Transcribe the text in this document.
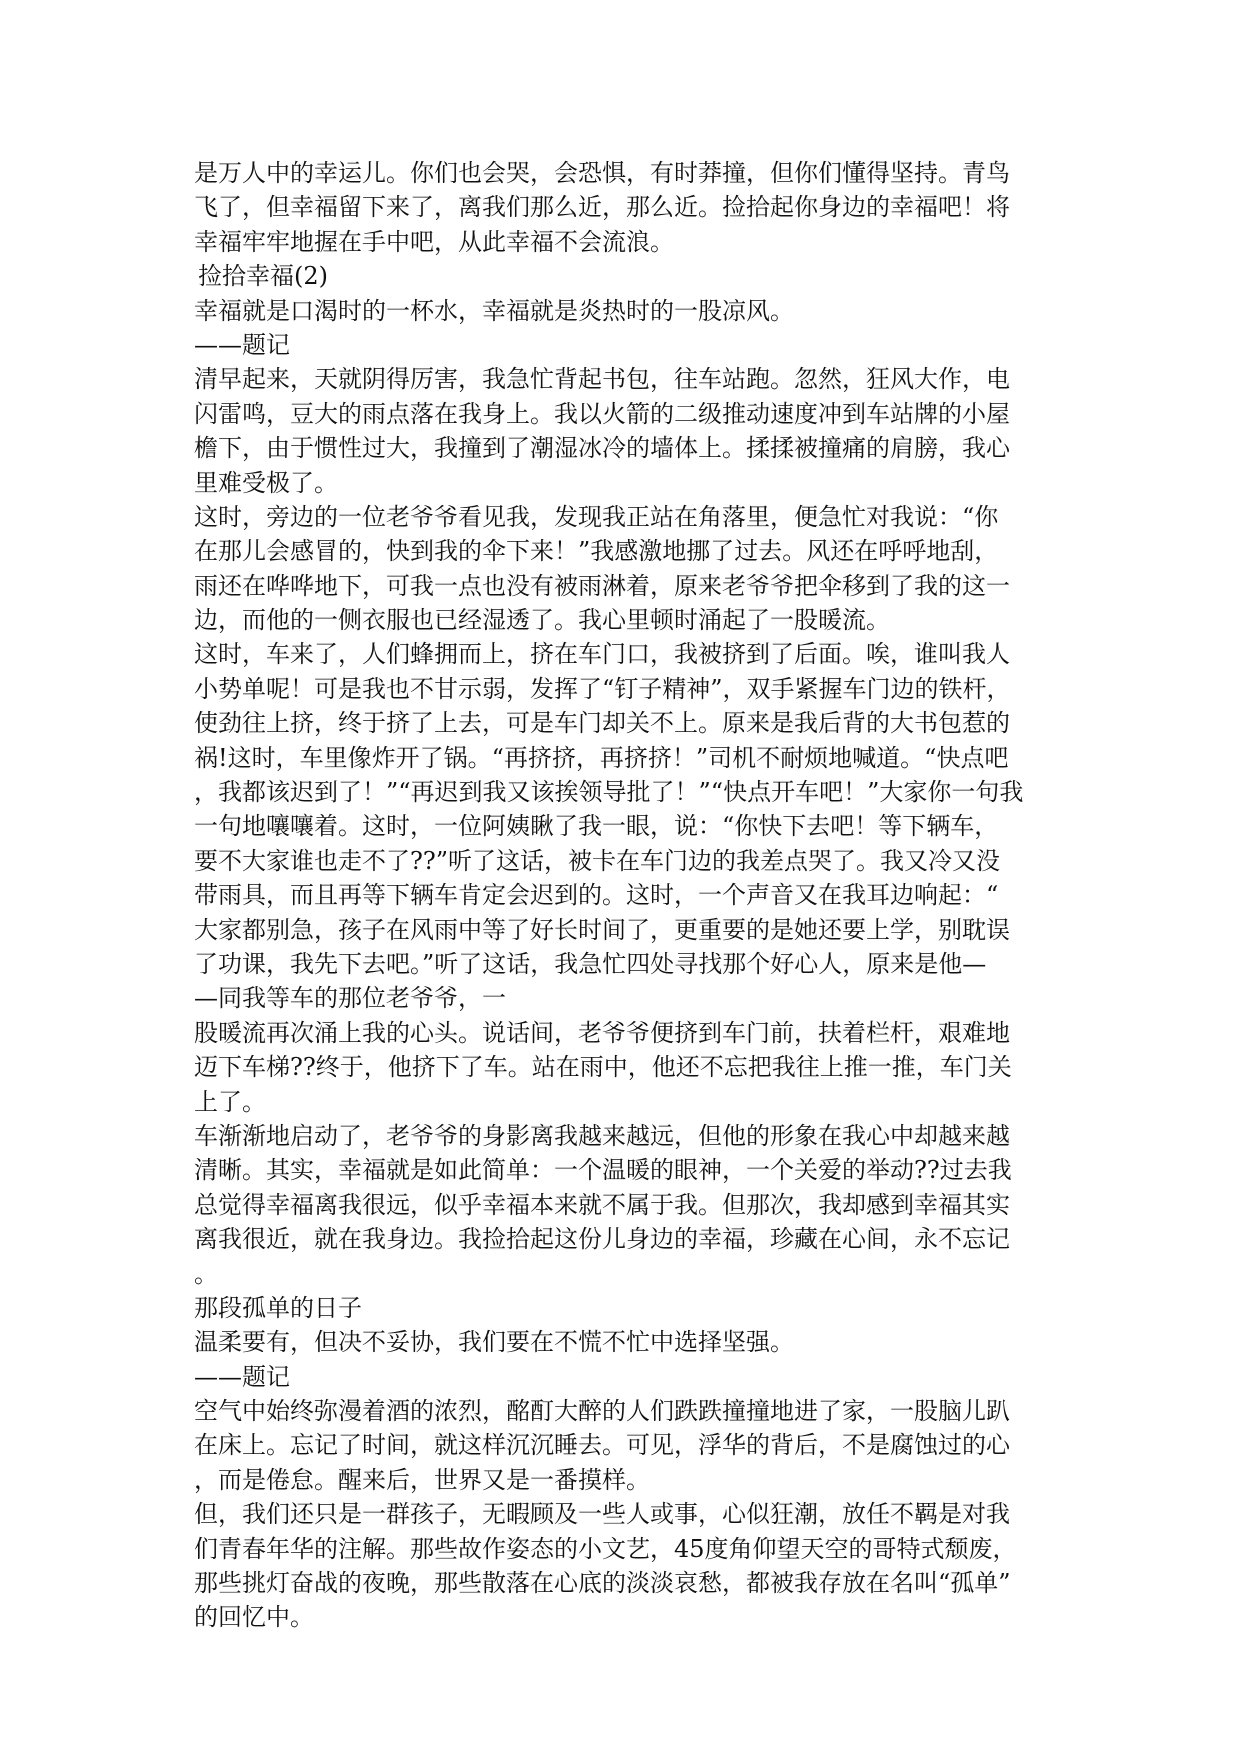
是万人中的幸运儿。你们也会哭，会恐惧，有时莽撞，但你们懂得坚持。青鸟
飞了，但幸福留下来了，离我们那么近，那么近。捡拾起你身边的幸福吧！将
幸福牢牢地握在手中吧，从此幸福不会流浪。
捡拾幸福(2)
幸福就是口渴时的一杯水，幸福就是炎热时的一股凉风。
——题记
清早起来，天就阴得厉害，我急忙背起书包，往车站跑。忽然，狂风大作，电
闪雷鸣，豆大的雨点落在我身上。我以火箭的二级推动速度冲到车站牌的小屋
檐下，由于惯性过大，我撞到了潮湿冰冷的墙体上。揉揉被撞痛的肩膀，我心
里难受极了。
这时，旁边的一位老爷爷看见我，发现我正站在角落里，便急忙对我说：“你
在那儿会感冒的，快到我的伞下来！”我感激地挪了过去。风还在呼呼地刮，
雨还在哗哗地下，可我一点也没有被雨淋着，原来老爷爷把伞移到了我的这一
边，而他的一侧衣服也已经湿透了。我心里顿时涌起了一股暖流。
这时，车来了，人们蜂拥而上，挤在车门口，我被挤到了后面。唉，谁叫我人
小势单呢！可是我也不甘示弱，发挥了“钉子精神”，双手紧握车门边的铁杆，
使劲往上挤，终于挤了上去，可是车门却关不上。原来是我后背的大书包惹的
祸!这时，车里像炸开了锅。“再挤挤，再挤挤！”司机不耐烦地喊道。“快点吧
，我都该迟到了！”“再迟到我又该挨领导批了！”“快点开车吧！”大家你一句我
一句地嚷嚷着。这时，一位阿姨瞅了我一眼，说：“你快下去吧！等下辆车，
要不大家谁也走不了??”听了这话，被卡在车门边的我差点哭了。我又冷又没
带雨具，而且再等下辆车肯定会迟到的。这时，一个声音又在我耳边响起：“
大家都别急，孩子在风雨中等了好长时间了，更重要的是她还要上学，别耽误
了功课，我先下去吧。”听了这话，我急忙四处寻找那个好心人，原来是他—
—同我等车的那位老爷爷，一
股暖流再次涌上我的心头。说话间，老爷爷便挤到车门前，扶着栏杆，艰难地
迈下车梯??终于，他挤下了车。站在雨中，他还不忘把我往上推一推，车门关
上了。
车渐渐地启动了，老爷爷的身影离我越来越远，但他的形象在我心中却越来越
清晰。其实，幸福就是如此简单：一个温暖的眼神，一个关爱的举动??过去我
总觉得幸福离我很远，似乎幸福本来就不属于我。但那次，我却感到幸福其实
离我很近，就在我身边。我捡拾起这份儿身边的幸福，珍藏在心间，永不忘记
。
那段孤单的日子
温柔要有，但决不妥协，我们要在不慌不忙中选择坚强。
——题记
空气中始终弥漫着酒的浓烈，酩酊大醉的人们跌跌撞撞地进了家，一股脑儿趴
在床上。忘记了时间，就这样沉沉睡去。可见，浮华的背后，不是腐蚀过的心
，而是倦怠。醒来后，世界又是一番摸样。
但，我们还只是一群孩子，无暇顾及一些人或事，心似狂潮，放任不羁是对我
们青春年华的注解。那些故作姿态的小文艺，45度角仰望天空的哥特式颓废，
那些挑灯奋战的夜晚，那些散落在心底的淡淡哀愁，都被我存放在名叫“孤单”
的回忆中。
